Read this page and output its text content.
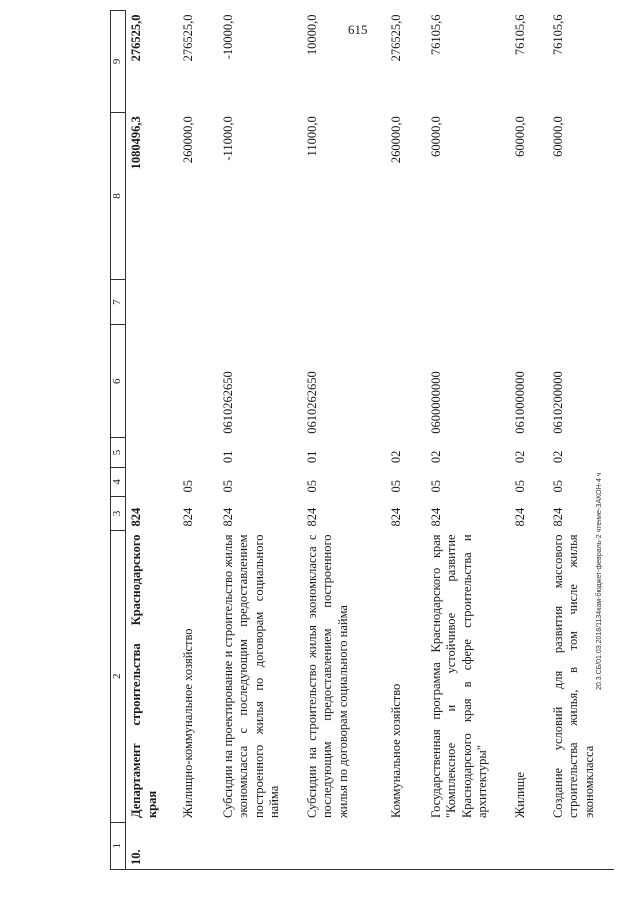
615
20.3.СБ/01.03.2018/1134кам-бюджет-февраль-2 чтение-ЗАКОН-4 ч
1	2	3	4	5	6	7	8	9
10.	Департамент строительства Краснодарского края	824					1080496,3	276525,0
	Жилищно-коммунальное хозяйство	824	05				260000,0	276525,0
	Субсидии на проектирование и строительство жилья экономкласса с последующим предоставлением построенного жилья по договорам социального найма	824	05	01	0610262650		-11000,0	-10000,0
	Субсидии на строительство жилья экономкласса с последующим предоставлением построенного жилья по договорам социального найма	824	05	01	0610262650		11000,0	10000,0
	Коммунальное хозяйство	824	05	02			260000,0	276525,0
	Государственная программа Краснодарского края "Комплексное и устойчивое развитие Краснодарского края в сфере строительства и архитектуры"	824	05	02	0600000000		60000,0	76105,6
	Жилище	824	05	02	0610000000		60000,0	76105,6
	Создание условий для развития массового строительства жилья, в том числе жилья экономкласса	824	05	02	0610200000		60000,0	76105,6
